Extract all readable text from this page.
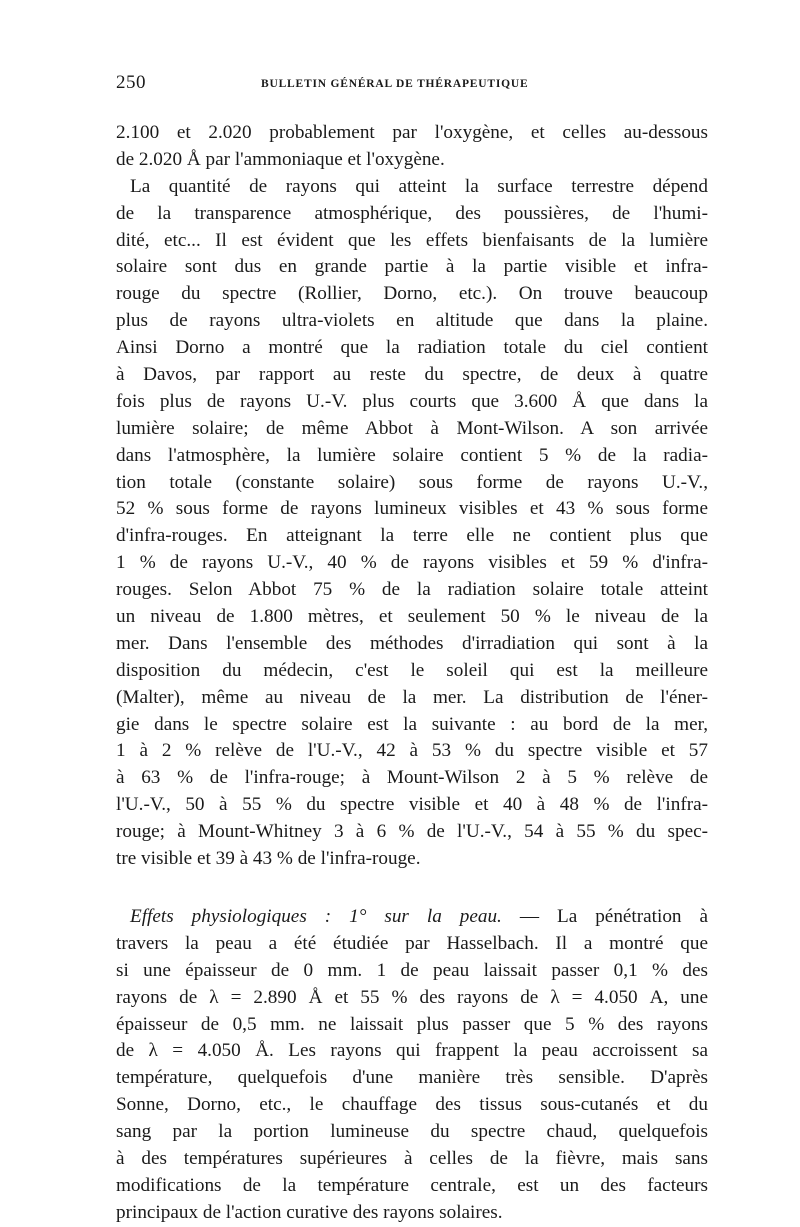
250	BULLETIN GÉNÉRAL DE THÉRAPEUTIQUE
2.100 et 2.020 probablement par l'oxygène, et celles au-dessous
de 2.020 Å par l'ammoniaque et l'oxygène.
La quantité de rayons qui atteint la surface terrestre dépend
de la transparence atmosphérique, des poussières, de l'humi-
dité, etc... Il est évident que les effets bienfaisants de la lumière
solaire sont dus en grande partie à la partie visible et infra-
rouge du spectre (Rollier, Dorno, etc.). On trouve beaucoup
plus de rayons ultra-violets en altitude que dans la plaine.
Ainsi Dorno a montré que la radiation totale du ciel contient
à Davos, par rapport au reste du spectre, de deux à quatre
fois plus de rayons U.-V. plus courts que 3.600 Å que dans la
lumière solaire; de même Abbot à Mont-Wilson. A son arrivée
dans l'atmosphère, la lumière solaire contient 5 % de la radia-
tion totale (constante solaire) sous forme de rayons U.-V.,
52 % sous forme de rayons lumineux visibles et 43 % sous forme
d'infra-rouges. En atteignant la terre elle ne contient plus que
1 % de rayons U.-V., 40 % de rayons visibles et 59 % d'infra-
rouges. Selon Abbot 75 % de la radiation solaire totale atteint
un niveau de 1.800 mètres, et seulement 50 % le niveau de la
mer. Dans l'ensemble des méthodes d'irradiation qui sont à la
disposition du médecin, c'est le soleil qui est la meilleure
(Malter), même au niveau de la mer. La distribution de l'éner-
gie dans le spectre solaire est la suivante : au bord de la mer,
1 à 2 % relève de l'U.-V., 42 à 53 % du spectre visible et 57
à 63 % de l'infra-rouge; à Mount-Wilson 2 à 5 % relève de
l'U.-V., 50 à 55 % du spectre visible et 40 à 48 % de l'infra-
rouge; à Mount-Whitney 3 à 6 % de l'U.-V., 54 à 55 % du spec-
tre visible et 39 à 43 % de l'infra-rouge.
Effets physiologiques : 1° sur la peau. — La pénétration à
travers la peau a été étudiée par Hasselbach. Il a montré que
si une épaisseur de 0 mm. 1 de peau laissait passer 0,1 % des
rayons de λ = 2.890 Å et 55 % des rayons de λ = 4.050 A, une
épaisseur de 0,5 mm. ne laissait plus passer que 5 % des rayons
de λ = 4.050 Å. Les rayons qui frappent la peau accroissent sa
température, quelquefois d'une manière très sensible. D'après
Sonne, Dorno, etc., le chauffage des tissus sous-cutanés et du
sang par la portion lumineuse du spectre chaud, quelquefois
à des températures supérieures à celles de la fièvre, mais sans
modifications de la température centrale, est un des facteurs
principaux de l'action curative des rayons solaires.
